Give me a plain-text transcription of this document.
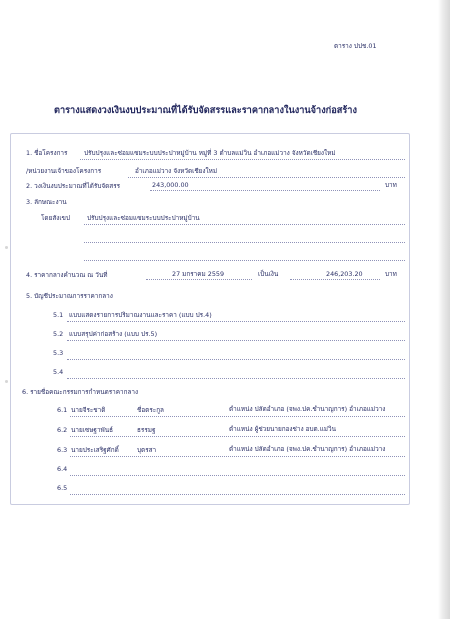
ตาราง ปปช.01
ตารางแสดงวงเงินงบประมาณที่ได้รับจัดสรรและราคากลางในงานจ้างก่อสร้าง
1. ชื่อโครงการ	ปรับปรุงและซ่อมแซมระบบประปาหมู่บ้าน หมู่ที่ 3 ตำบลแม่วิน อำเภอแม่วาง จังหวัดเชียงใหม่
/หน่วยงานเจ้าของโครงการ	อำเภอแม่วาง จังหวัดเชียงใหม่
2. วงเงินงบประมาณที่ได้รับจัดสรร	243,000.00	บาท
3. ลักษณะงาน
โดยสังเขป	ปรับปรุงและซ่อมแซมระบบประปาหมู่บ้าน
4. ราคากลางคำนวณ ณ วันที่	27 มกราคม 2559	เป็นเงิน	246,203.20	บาท
5. บัญชีประมาณการราคากลาง
5.1 แบบแสดงรายการปริมาณงานและราคา (แบบ ปร.4)
5.2 แบบสรุปค่าก่อสร้าง (แบบ ปร.5)
5.3
5.4
6. รายชื่อคณะกรรมการกำหนดราคากลาง
6.1 นายจีระชาติ	ชื่อตระกูล	ตำแหน่ง ปลัดอำเภอ (จพง.ปค.ชำนาญการ) อำเภอแม่วาง
6.2 นายเซษฐาพันธ์	ธรรมฐ	ตำแหน่ง ผู้ช่วยนายกองช่าง อบต.แม่วิน
6.3 นายประเสริฐศักดิ์	บุตรสา	ตำแหน่ง ปลัดอำเภอ (จพง.ปค.ชำนาญการ) อำเภอแม่วาง
6.4
6.5
